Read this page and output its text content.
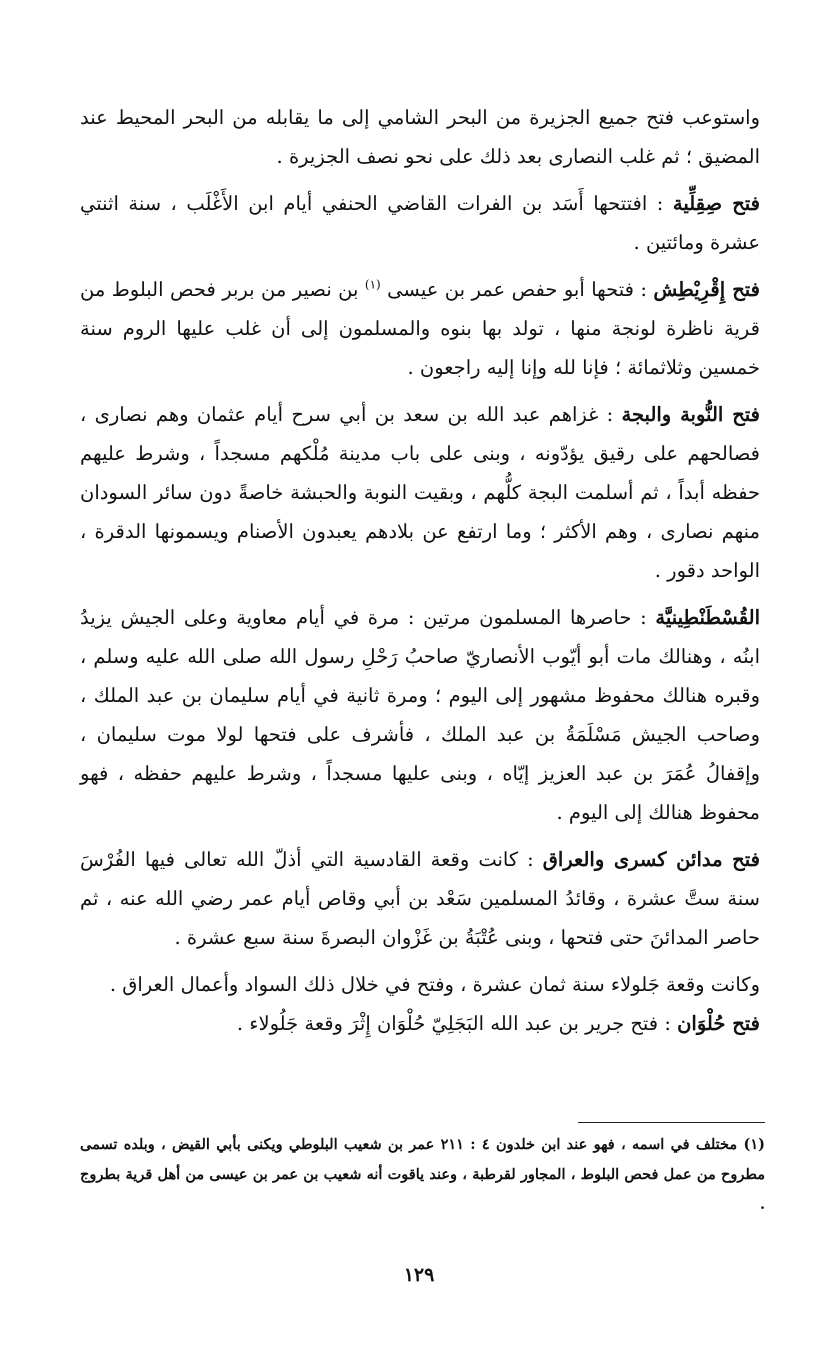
واستوعب فتح جميع الجزيرة من البحر الشامي إلى ما يقابله من البحر المحيط عند المضيق ؛ ثم غلب النصارى بعد ذلك على نحو نصف الجزيرة .

فتح صِقِلِّية : افتتحها أَسَد بن الفرات القاضي الحنفي أيام ابن الأَغْلَب ، سنة اثنتي عشرة ومائتين .

فتح إِقْرِيْطِش : فتحها أبو حفص عمر بن عيسى $^{(١)}$ بن نصير من بربر فحص البلوط من قرية ناظرة لونجة منها ، تولد بها بنوه والمسلمون إلى أن غلب عليها الروم سنة خمسين وثلاثمائة ؛ فإنا لله وإنا إليه راجعون .

فتح النُّوبة والبجة : غزاهم عبد الله بن سعد بن أبي سرح أيام عثمان وهم نصارى ، فصالحهم على رقيق يؤدّونه ، وبنى على باب مدينة مُلْكهم مسجداً ، وشرط عليهم حفظه أبداً ، ثم أسلمت البجة كلُّهم ، وبقيت النوبة والحبشة خاصةً دون سائر السودان منهم نصارى ، وهم الأكثر ؛ وما ارتفع عن بلادهم يعبدون الأصنام ويسمونها الدقرة ، الواحد دقور .

القُسْطَنْطِينيَّة : حاصرها المسلمون مرتين : مرة في أيام معاوية وعلى الجيش يزيدُ ابنُه ، وهنالك مات أبو أيّوب الأنصاريّ صاحبُ رَحْلِ رسول الله صلى الله عليه وسلم ، وقبره هنالك محفوظ مشهور إلى اليوم ؛ ومرة ثانية في أيام سليمان بن عبد الملك ، وصاحب الجيش مَسْلَمَةُ بن عبد الملك ، فأشرف على فتحها لولا موت سليمان ، وإقفالُ عُمَرَ بن عبد العزيز إيّاه ، وبنى عليها مسجداً ، وشرط عليهم حفظه ، فهو محفوظ هنالك إلى اليوم .

فتح مدائن كسرى والعراق : كانت وقعة القادسية التي أذلّ الله تعالى فيها الفُرْسَ سنة ستَّ عشرة ، وقائدُ المسلمين سَعْد بن أبي وقاص أيام عمر رضي الله عنه ، ثم حاصر المدائنَ حتى فتحها ، وبنى عُتْبَةُ بن غَزْوان البصرةَ سنة سبع عشرة .

وكانت وقعة جَلولاء سنة ثمان عشرة ، وفتح في خلال ذلك السواد وأعمال العراق .

فتح حُلْوَان : فتح جرير بن عبد الله البَجَلِيّ حُلْوَان إِثْرَ وقعة جَلُولاء .

(١) مختلف في اسمه ، فهو عند ابن خلدون ٤ : ٢١١ عمر بن شعيب البلوطي ويكنى بأبي القيض ، وبلده تسمى مطروح من عمل فحص البلوط ، المجاور لقرطبة ، وعند ياقوت أنه شعيب بن عمر بن عيسى من أهل قرية بطروج .

١٢٩
